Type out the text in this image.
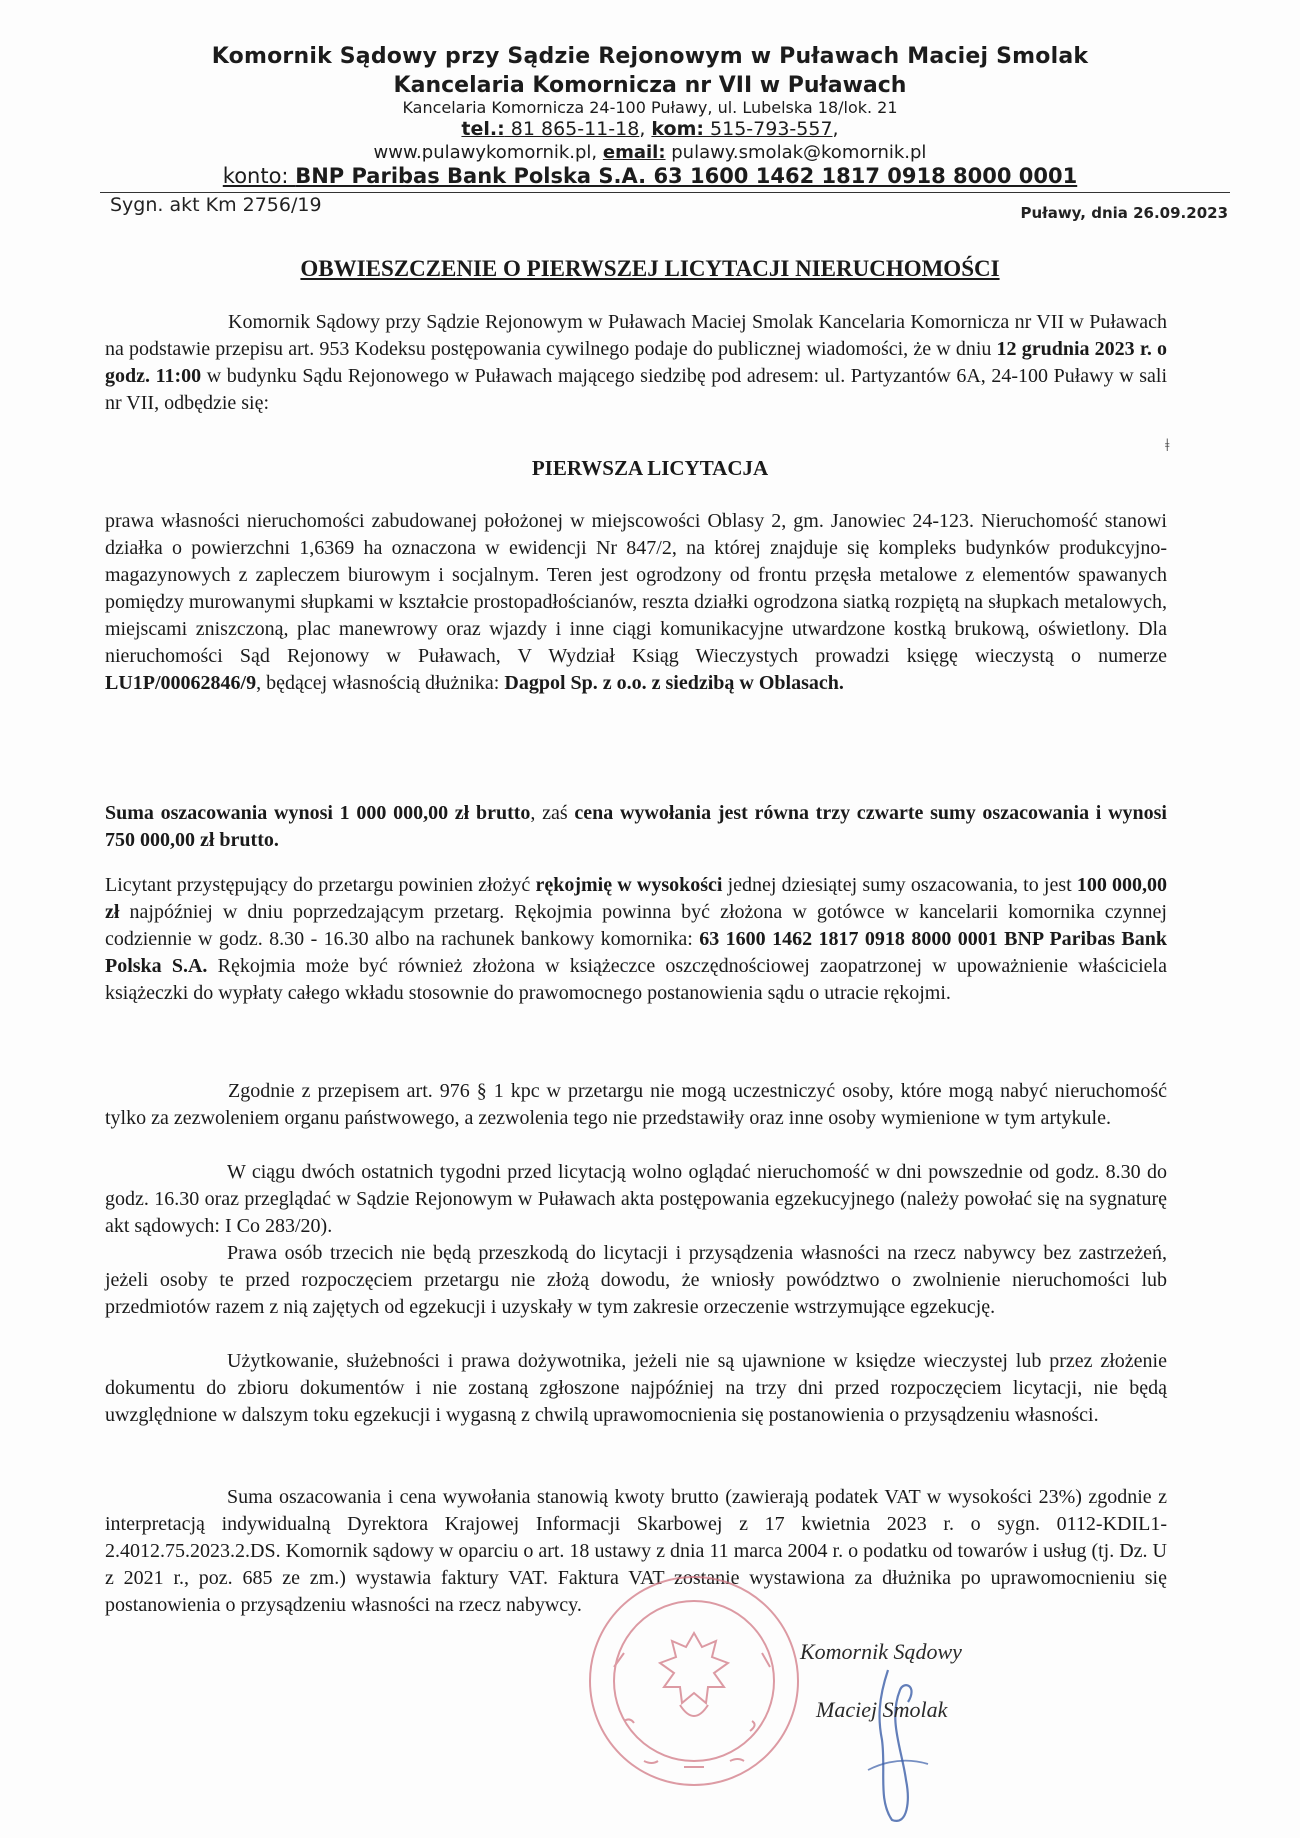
Komornik Sądowy przy Sądzie Rejonowym w Puławach Maciej Smolak
Kancelaria Komornicza nr VII w Puławach
Kancelaria Komornicza 24-100 Puławy, ul. Lubelska 18/lok. 21
tel.: 81 865-11-18, kom: 515-793-557,
www.pulawykomornik.pl, email: pulawy.smolak@komornik.pl
konto: BNP Paribas Bank Polska S.A. 63 1600 1462 1817 0918 8000 0001
Sygn. akt Km 2756/19	Puławy, dnia 26.09.2023
OBWIESZCZENIE O PIERWSZEJ LICYTACJI NIERUCHOMOŚCI

Komornik Sądowy przy Sądzie Rejonowym w Puławach Maciej Smolak Kancelaria Komornicza nr VII w Puławach na podstawie przepisu art. 953 Kodeksu postępowania cywilnego podaje do publicznej wiadomości, że w dniu 12 grudnia 2023 r. o godz. 11:00 w budynku Sądu Rejonowego w Puławach mającego siedzibę pod adresem: ul. Partyzantów 6A, 24-100 Puławy w sali nr VII, odbędzie się:

ǂ
PIERWSZA LICYTACJA

prawa własności nieruchomości zabudowanej położonej w miejscowości Oblasy 2, gm. Janowiec 24-123. Nieruchomość stanowi działka o powierzchni 1,6369 ha oznaczona w ewidencji Nr 847/2, na której znajduje się kompleks budynków produkcyjno- magazynowych z zapleczem biurowym i socjalnym. Teren jest ogrodzony od frontu przęsła metalowe z elementów spawanych pomiędzy murowanymi słupkami w kształcie prostopadłościanów, reszta działki ogrodzona siatką rozpiętą na słupkach metalowych, miejscami zniszczoną, plac manewrowy oraz wjazdy i inne ciągi komunikacyjne utwardzone kostką brukową, oświetlony. Dla nieruchomości Sąd Rejonowy w Puławach, V Wydział Ksiąg Wieczystych prowadzi księgę wieczystą o numerze LU1P/00062846/9, będącej własnością dłużnika: Dagpol Sp. z o.o. z siedzibą w Oblasach.

Suma oszacowania wynosi 1 000 000,00 zł brutto, zaś cena wywołania jest równa trzy czwarte sumy oszacowania i wynosi 750 000,00 zł brutto.

Licytant przystępujący do przetargu powinien złożyć rękojmię w wysokości jednej dziesiątej sumy oszacowania, to jest 100 000,00 zł najpóźniej w dniu poprzedzającym przetarg. Rękojmia powinna być złożona w gotówce w kancelarii komornika czynnej codziennie w godz. 8.30 - 16.30 albo na rachunek bankowy komornika: 63 1600 1462 1817 0918 8000 0001 BNP Paribas Bank Polska S.A. Rękojmia może być również złożona w książeczce oszczędnościowej zaopatrzonej w upoważnienie właściciela książeczki do wypłaty całego wkładu stosownie do prawomocnego postanowienia sądu o utracie rękojmi.

Zgodnie z przepisem art. 976 § 1 kpc w przetargu nie mogą uczestniczyć osoby, które mogą nabyć nieruchomość tylko za zezwoleniem organu państwowego, a zezwolenia tego nie przedstawiły oraz inne osoby wymienione w tym artykule.

W ciągu dwóch ostatnich tygodni przed licytacją wolno oglądać nieruchomość w dni powszednie od godz. 8.30 do godz. 16.30 oraz przeglądać w Sądzie Rejonowym w Puławach akta postępowania egzekucyjnego (należy powołać się na sygnaturę akt sądowych: I Co 283/20).

Prawa osób trzecich nie będą przeszkodą do licytacji i przysądzenia własności na rzecz nabywcy bez zastrzeżeń, jeżeli osoby te przed rozpoczęciem przetargu nie złożą dowodu, że wniosły powództwo o zwolnienie nieruchomości lub przedmiotów razem z nią zajętych od egzekucji i uzyskały w tym zakresie orzeczenie wstrzymujące egzekucję.

Użytkowanie, służebności i prawa dożywotnika, jeżeli nie są ujawnione w księdze wieczystej lub przez złożenie dokumentu do zbioru dokumentów i nie zostaną zgłoszone najpóźniej na trzy dni przed rozpoczęciem licytacji, nie będą uwzględnione w dalszym toku egzekucji i wygasną z chwilą uprawomocnienia się postanowienia o przysądzeniu własności.

Suma oszacowania i cena wywołania stanowią kwoty brutto (zawierają podatek VAT w wysokości 23%) zgodnie z interpretacją indywidualną Dyrektora Krajowej Informacji Skarbowej z 17 kwietnia 2023 r. o sygn. 0112-KDIL1-2.4012.75.2023.2.DS. Komornik sądowy w oparciu o art. 18 ustawy z dnia 11 marca 2004 r. o podatku od towarów i usług (tj. Dz. U z 2021 r., poz. 685 ze zm.) wystawia faktury VAT. Faktura VAT zostanie wystawiona za dłużnika po uprawomocnieniu się postanowienia o przysądzeniu własności na rzecz nabywcy.

Komornik Sądowy
Maciej Smolak
